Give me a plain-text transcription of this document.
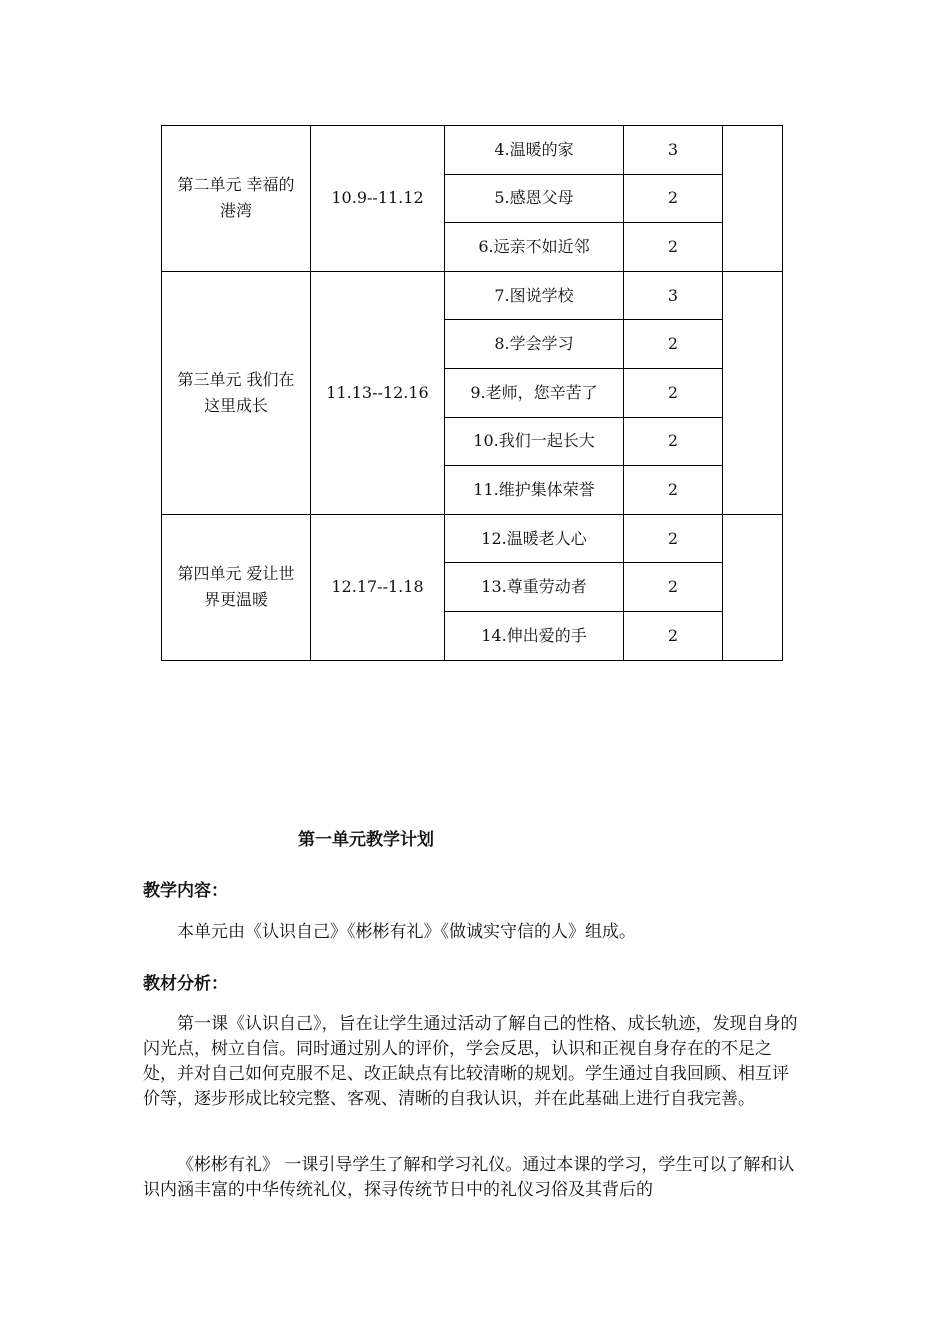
第二单元 幸福的港湾	10.9--11.12	4.温暖的家	3	
		5.感恩父母	2	
		6.远亲不如近邻	2	
第三单元 我们在这里成长	11.13--12.16	7.图说学校	3	
		8.学会学习	2	
		9.老师，您辛苦了	2	
		10.我们一起长大	2	
		11.维护集体荣誉	2	
第四单元 爱让世界更温暖	12.17--1.18	12.温暖老人心	2	
		13.尊重劳动者	2	
		14.伸出爱的手	2	
第一单元教学计划
教学内容：

本单元由《认识自己》《彬彬有礼》《做诚实守信的人》组成。

教材分析：

第一课《认识自己》，旨在让学生通过活动了解自己的性格、成长轨迹，发现自身的闪光点，树立自信。同时通过别人的评价，学会反思，认识和正视自身存在的不足之处，并对自己如何克服不足、改正缺点有比较清晰的规划。学生通过自我回顾、相互评价等，逐步形成比较完整、客观、清晰的自我认识，并在此基础上进行自我完善。

《彬彬有礼》 一课引导学生了解和学习礼仪。通过本课的学习，学生可以了解和认识内涵丰富的中华传统礼仪，探寻传统节日中的礼仪习俗及其背后的
